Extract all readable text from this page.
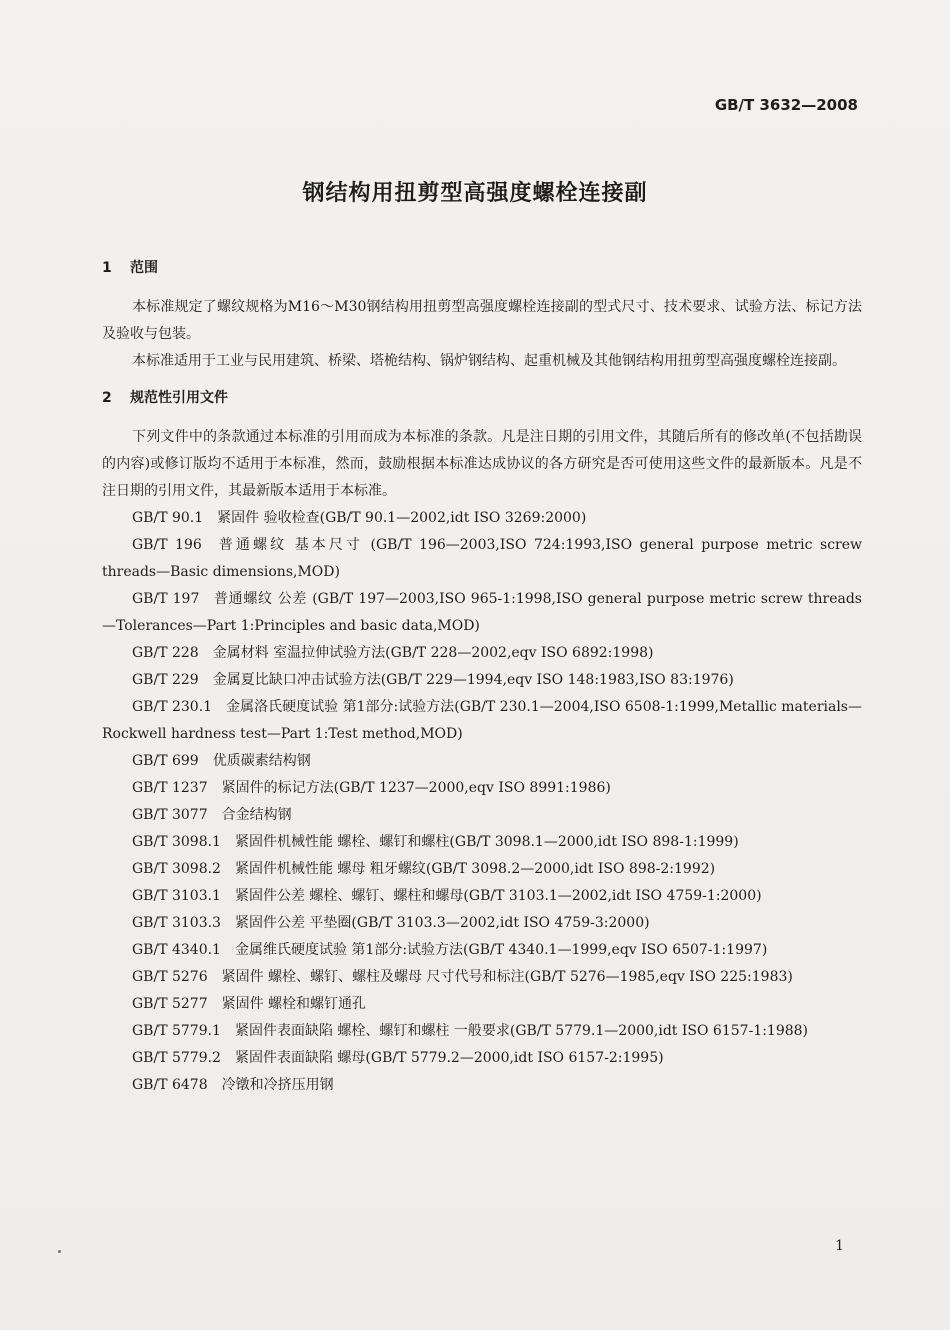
GB/T 3632—2008
钢结构用扭剪型高强度螺栓连接副
1 范围

本标准规定了螺纹规格为M16～M30钢结构用扭剪型高强度螺栓连接副的型式尺寸、技术要求、试验方法、标记方法及验收与包装。

本标准适用于工业与民用建筑、桥梁、塔桅结构、锅炉钢结构、起重机械及其他钢结构用扭剪型高强度螺栓连接副。

2 规范性引用文件

下列文件中的条款通过本标准的引用而成为本标准的条款。凡是注日期的引用文件，其随后所有的修改单(不包括勘误的内容)或修订版均不适用于本标准，然而，鼓励根据本标准达成协议的各方研究是否可使用这些文件的最新版本。凡是不注日期的引用文件，其最新版本适用于本标准。

GB/T 90.1 紧固件 验收检查(GB/T 90.1—2002,idt ISO 3269:2000)

GB/T 196 普通螺纹 基本尺寸 (GB/T 196—2003,ISO 724:1993,ISO general purpose metric screw threads—Basic dimensions,MOD)

GB/T 197 普通螺纹 公差 (GB/T 197—2003,ISO 965-1:1998,ISO general purpose metric screw threads—Tolerances—Part 1:Principles and basic data,MOD)

GB/T 228 金属材料 室温拉伸试验方法(GB/T 228—2002,eqv ISO 6892:1998)

GB/T 229 金属夏比缺口冲击试验方法(GB/T 229—1994,eqv ISO 148:1983,ISO 83:1976)

GB/T 230.1 金属洛氏硬度试验 第1部分:试验方法(GB/T 230.1—2004,ISO 6508-1:1999,Metallic materials—Rockwell hardness test—Part 1:Test method,MOD)

GB/T 699 优质碳素结构钢

GB/T 1237 紧固件的标记方法(GB/T 1237—2000,eqv ISO 8991:1986)

GB/T 3077 合金结构钢

GB/T 3098.1 紧固件机械性能 螺栓、螺钉和螺柱(GB/T 3098.1—2000,idt ISO 898-1:1999)

GB/T 3098.2 紧固件机械性能 螺母 粗牙螺纹(GB/T 3098.2—2000,idt ISO 898-2:1992)

GB/T 3103.1 紧固件公差 螺栓、螺钉、螺柱和螺母(GB/T 3103.1—2002,idt ISO 4759-1:2000)

GB/T 3103.3 紧固件公差 平垫圈(GB/T 3103.3—2002,idt ISO 4759-3:2000)

GB/T 4340.1 金属维氏硬度试验 第1部分:试验方法(GB/T 4340.1—1999,eqv ISO 6507-1:1997)

GB/T 5276 紧固件 螺栓、螺钉、螺柱及螺母 尺寸代号和标注(GB/T 5276—1985,eqv ISO 225:1983)

GB/T 5277 紧固件 螺栓和螺钉通孔

GB/T 5779.1 紧固件表面缺陷 螺栓、螺钉和螺柱 一般要求(GB/T 5779.1—2000,idt ISO 6157-1:1988)

GB/T 5779.2 紧固件表面缺陷 螺母(GB/T 5779.2—2000,idt ISO 6157-2:1995)

GB/T 6478 冷镦和冷挤压用钢

1
